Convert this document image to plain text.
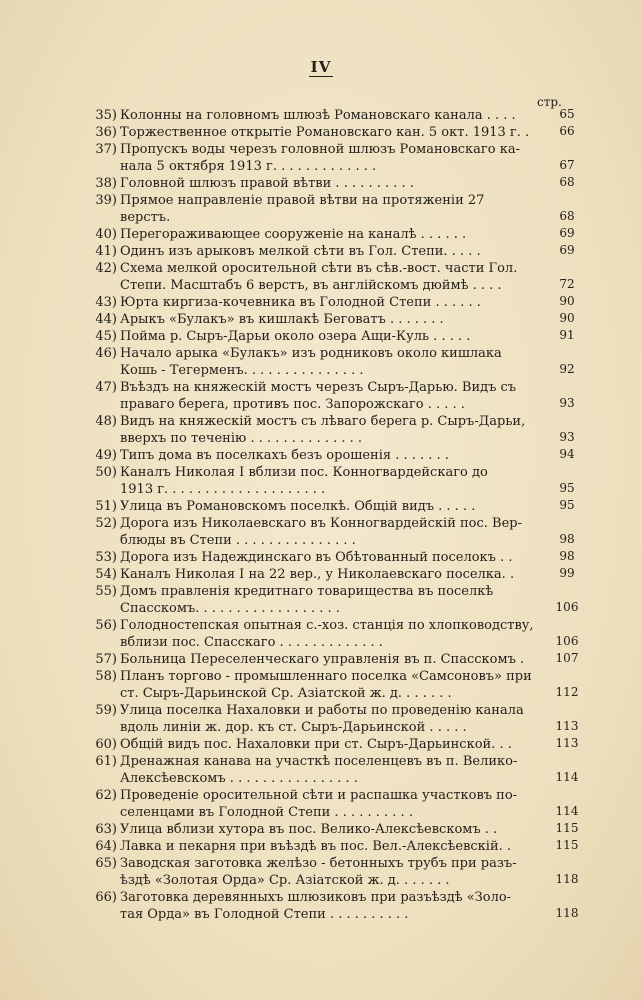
IV
стр.
35) Колонны на головномъ шлюзѣ Романовскаго канала . . . .	65
36) Торжественное открытіе Романовскаго кан. 5 окт. 1913 г. .	66
37) Пропускъ воды черезъ головной шлюзъ Романовскаго ка-
нала 5 октября 1913 г. . . . . . . . . . . . .	67
38) Головной шлюзъ правой вѣтви . . . . . . . . . .	68
39) Прямое направленіе правой вѣтви на протяженіи 27 верстъ.	68
40) Перегораживающее сооруженіе на каналѣ . . . . . .	69
41) Одинъ изъ арыковъ мелкой сѣти въ Гол. Степи. . . . .	69
42) Схема мелкой оросительной сѣти въ сѣв.-вост. части Гол.
Степи. Масштабъ 6 верстъ, въ англійскомъ дюймѣ . . . .	72
43) Юрта киргиза-кочевника въ Голодной Степи . . . . . .	90
44) Арыкъ «Булакъ» въ кишлакѣ Беговатъ . . . . . . .	90
45) Пойма р. Сыръ-Дарьи около озера Ащи-Куль . . . . .	91
46) Начало арыка «Булакъ» изъ родниковъ около кишлака
Кошь - Тегерменъ. . . . . . . . . . . . . . .	92
47) Въѣздъ на княжескій мостъ черезъ Сыръ-Дарью. Видъ съ
праваго берега, противъ пос. Запорожскаго . . . . .	93
48) Видъ на княжескій мостъ съ лѣваго берега р. Сыръ-Дарьи,
вверхъ по теченію . . . . . . . . . . . . . .	93
49) Типъ дома въ поселкахъ безъ орошенія . . . . . . .	94
50) Каналъ Николая І вблизи пос. Конногвардейскаго до
1913 г. . . . . . . . . . . . . . . . . . . .	95
51) Улица въ Романовскомъ поселкѣ. Общій видъ . . . . .	95
52) Дорога изъ Николаевскаго въ Конногвардейскій пос. Вер-
блюды въ Степи . . . . . . . . . . . . . . .	98
53) Дорога изъ Надеждинскаго въ Обѣтованный поселокъ . .	98
54) Каналъ Николая І на 22 вер., у Николаевскаго поселка. .	99
55) Домъ правленія кредитнаго товарищества въ поселкѣ
Спасскомъ. . . . . . . . . . . . . . . . . .	106
56) Голодностепская опытная с.-хоз. станція по хлопководству,
вблизи пос. Спасскаго . . . . . . . . . . . . .	106
57) Больница Переселенческаго управленія въ п. Спасскомъ .	107
58) Планъ торгово - промышленнаго поселка «Самсоновъ» при
ст. Сыръ-Дарьинской Ср. Азіатской ж. д. . . . . . .	112
59) Улица поселка Нахаловки и работы по проведенію канала
вдоль линіи ж. дор. къ ст. Сыръ-Дарьинской . . . . .	113
60) Общій видъ пос. Нахаловки при ст. Сыръ-Дарьинской. . .	113
61) Дренажная канава на участкѣ поселенцевъ въ п. Велико-
Алексѣевскомъ . . . . . . . . . . . . . . . .	114
62) Проведеніе оросительной сѣти и распашка участковъ по-
селенцами въ Голодной Степи . . . . . . . . . .	114
63) Улица вблизи хутора въ пос. Велико-Алексѣевскомъ . .	115
64) Лавка и пекарня при въѣздѣ въ пос. Вел.-Алексѣевскій. .	115
65) Заводская заготовка желѣзо - бетонныхъ трубъ при разъ-
ѣздѣ «Золотая Орда» Ср. Азіатской ж. д. . . . . . .	118
66) Заготовка деревянныхъ шлюзиковъ при разъѣздѣ «Золо-
тая Орда» въ Голодной Степи . . . . . . . . . .	118
